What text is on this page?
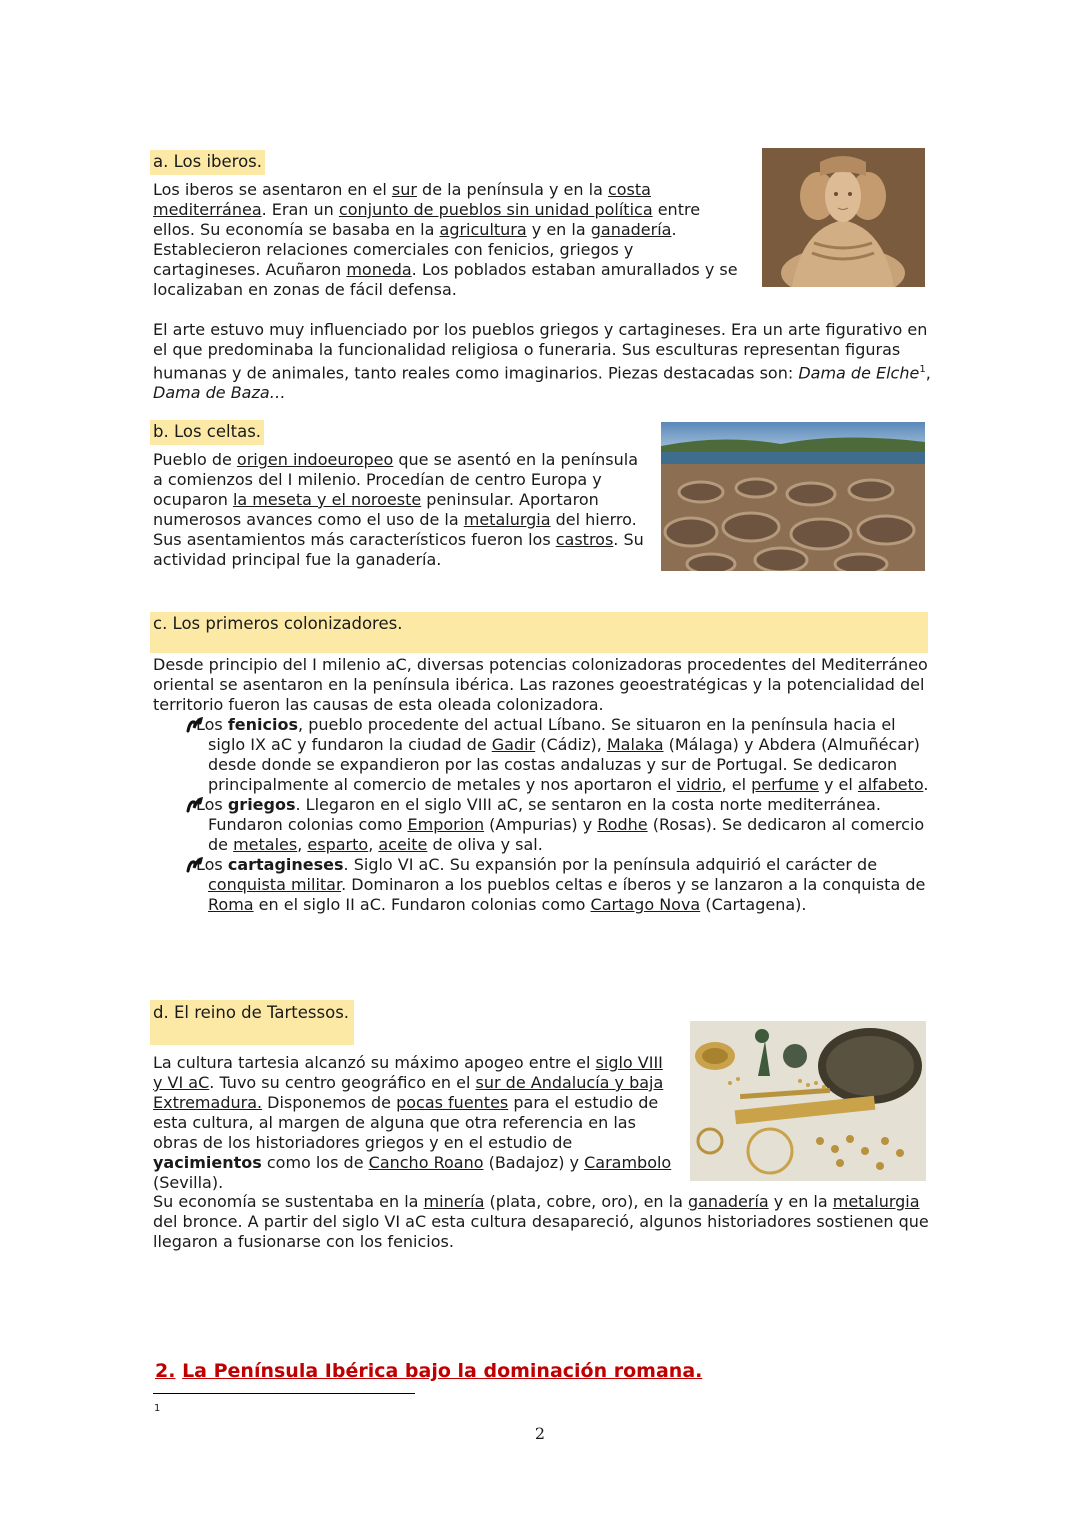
a. Los iberos.

Los iberos se asentaron en el sur de la península y en la costa mediterránea. Eran un conjunto de pueblos sin unidad política entre ellos. Su economía se basaba en la agricultura y en la ganadería. Establecieron relaciones comerciales con fenicios, griegos y cartagineses. Acuñaron moneda. Los poblados estaban amurallados y se localizaban en zonas de fácil defensa.

El arte estuvo muy influenciado por los pueblos griegos y cartagineses. Era un arte figurativo en el que predominaba la funcionalidad religiosa o funeraria. Sus esculturas representan figuras humanas y de animales, tanto reales como imaginarios. Piezas destacadas son: Dama de Elche$^1$, Dama de Baza…

b. Los celtas.

Pueblo de origen indoeuropeo que se asentó en la península a comienzos del I milenio. Procedían de centro Europa y ocuparon la meseta y el noroeste peninsular. Aportaron numerosos avances como el uso de la metalurgia del hierro. Sus asentamientos más característicos fueron los castros. Su actividad principal fue la ganadería.

c. Los primeros colonizadores.

Desde principio del I milenio aC, diversas potencias colonizadoras procedentes del Mediterráneo oriental se asentaron en la península ibérica. Las razones geoestratégicas y la potencialidad del territorio fueron las causas de esta oleada colonizadora.

Los fenicios, pueblo procedente del actual Líbano. Se situaron en la península hacia el siglo IX aC y fundaron la ciudad de Gadir (Cádiz), Malaka (Málaga) y Abdera (Almuñécar) desde donde se expandieron por las costas andaluzas y sur de Portugal. Se dedicaron principalmente al comercio de metales y nos aportaron el vidrio, el perfume y el alfabeto.

Los griegos. Llegaron en el siglo VIII aC, se sentaron en la costa norte mediterránea. Fundaron colonias como Emporion (Ampurias) y Rodhe (Rosas). Se dedicaron al comercio de metales, esparto, aceite de oliva y sal.

Los cartagineses. Siglo VI aC. Su expansión por la península adquirió el carácter de conquista militar. Dominaron a los pueblos celtas e íberos y se lanzaron a la conquista de Roma en el siglo II aC. Fundaron colonias como Cartago Nova (Cartagena).

d. El reino de Tartessos.

La cultura tartesia alcanzó su máximo apogeo entre el siglo VIII y VI aC. Tuvo su centro geográfico en el sur de Andalucía y baja Extremadura. Disponemos de pocas fuentes para el estudio de esta cultura, al margen de alguna que otra referencia en las obras de los historiadores griegos y en el estudio de yacimientos como los de Cancho Roano (Badajoz) y Carambolo (Sevilla).

Su economía se sustentaba en la minería (plata, cobre, oro), en la ganadería y en la metalurgia del bronce. A partir del siglo VI aC esta cultura desapareció, algunos historiadores sostienen que llegaron a fusionarse con los fenicios.

2. La Península Ibérica bajo la dominación romana.
1
2
